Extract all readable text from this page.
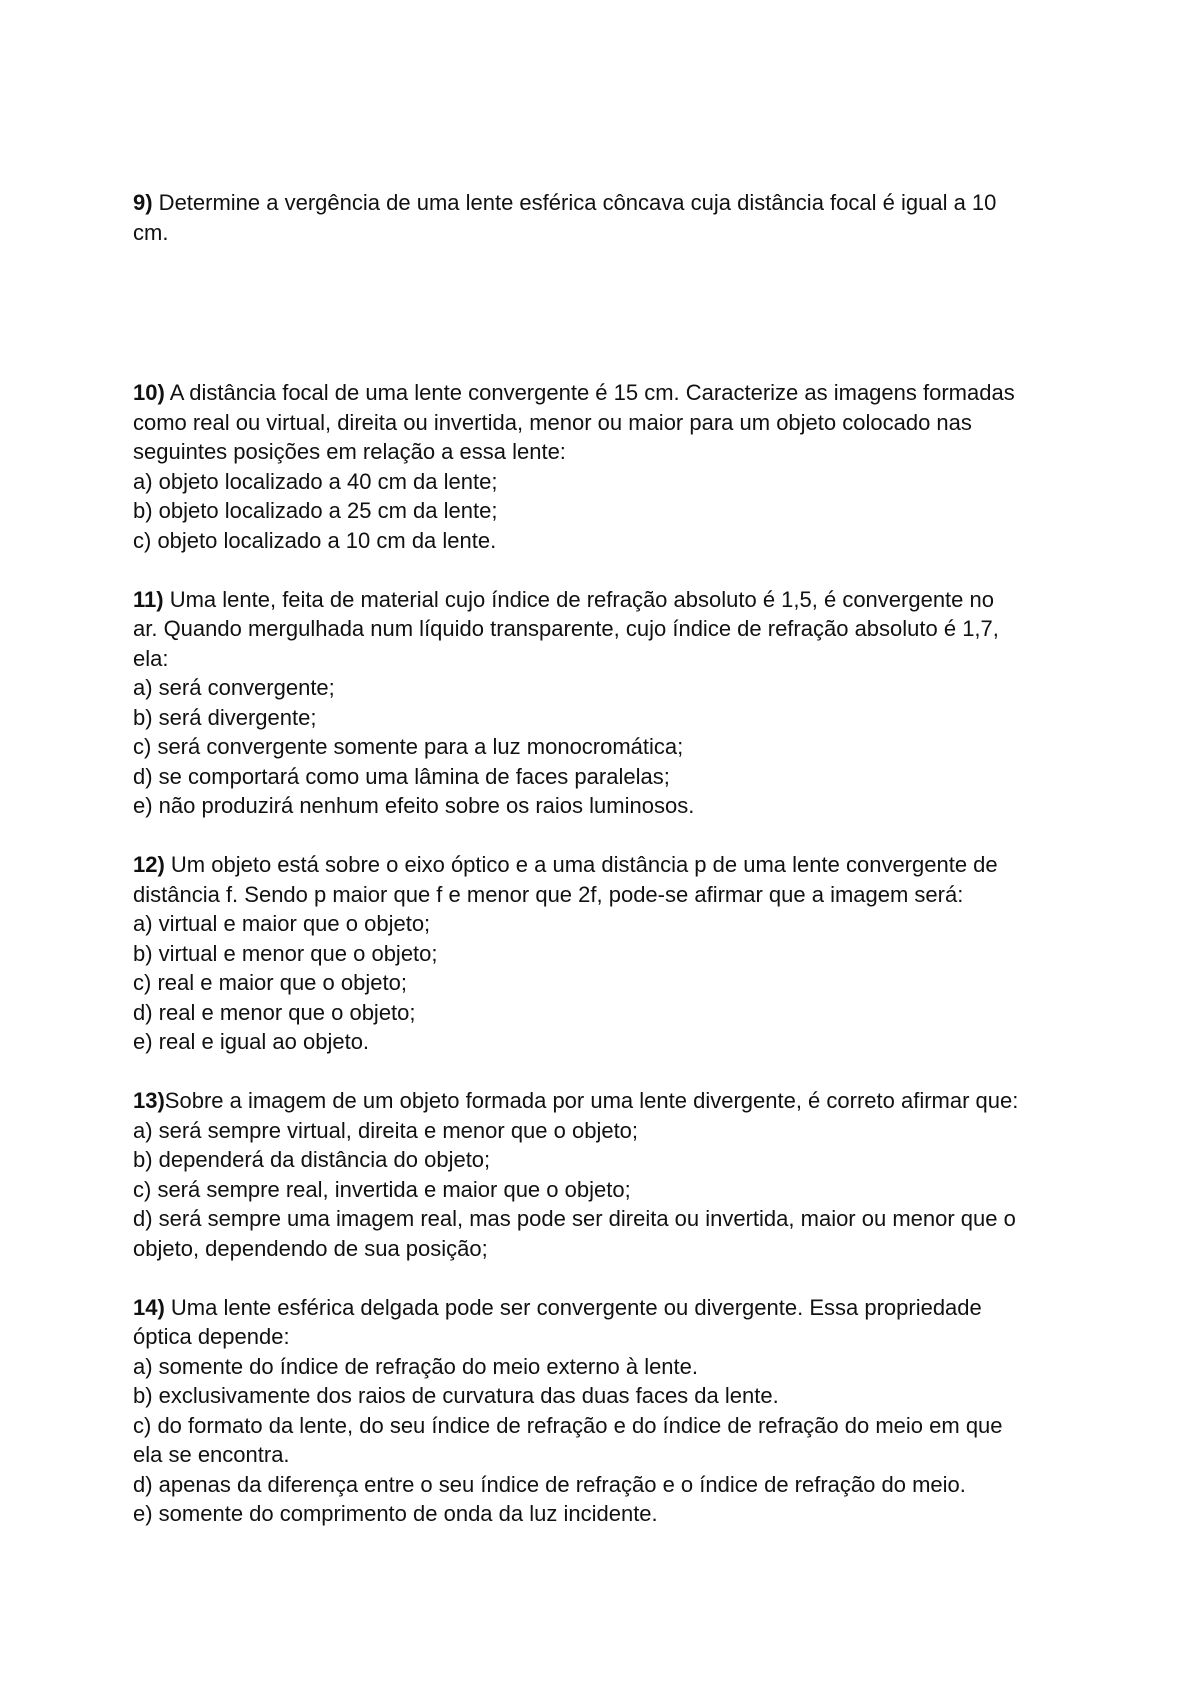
9) Determine a vergência de uma lente esférica côncava cuja distância focal é igual a 10 cm.

10) A distância focal de uma lente convergente é 15 cm. Caracterize as imagens formadas como real ou virtual, direita ou invertida, menor ou maior para um objeto colocado nas seguintes posições em relação a essa lente:

a) objeto localizado a 40 cm da lente;

b) objeto localizado a 25 cm da lente;

c) objeto localizado a 10 cm da lente.

11) Uma lente, feita de material cujo índice de refração absoluto é 1,5, é convergente no ar. Quando mergulhada num líquido transparente, cujo índice de refração absoluto é 1,7, ela:

a) será convergente;

b) será divergente;

c) será convergente somente para a luz monocromática;

d) se comportará como uma lâmina de faces paralelas;

e) não produzirá nenhum efeito sobre os raios luminosos.

12) Um objeto está sobre o eixo óptico e a uma distância p de uma lente convergente de distância f. Sendo p maior que f e menor que 2f, pode-se afirmar que a imagem será:

a) virtual e maior que o objeto;

b) virtual e menor que o objeto;

c) real e maior que o objeto;

d) real e menor que o objeto;

e) real e igual ao objeto.

13)Sobre a imagem de um objeto formada por uma lente divergente, é correto afirmar que:

a) será sempre virtual, direita e menor que o objeto;

b) dependerá da distância do objeto;

c) será sempre real, invertida e maior que o objeto;

d) será sempre uma imagem real, mas pode ser direita ou invertida, maior ou menor que o objeto, dependendo de sua posição;

14) Uma lente esférica delgada pode ser convergente ou divergente. Essa propriedade óptica depende:

a) somente do índice de refração do meio externo à lente.

b) exclusivamente dos raios de curvatura das duas faces da lente.

c) do formato da lente, do seu índice de refração e do índice de refração do meio em que ela se encontra.

d) apenas da diferença entre o seu índice de refração e o índice de refração do meio.

e) somente do comprimento de onda da luz incidente.
